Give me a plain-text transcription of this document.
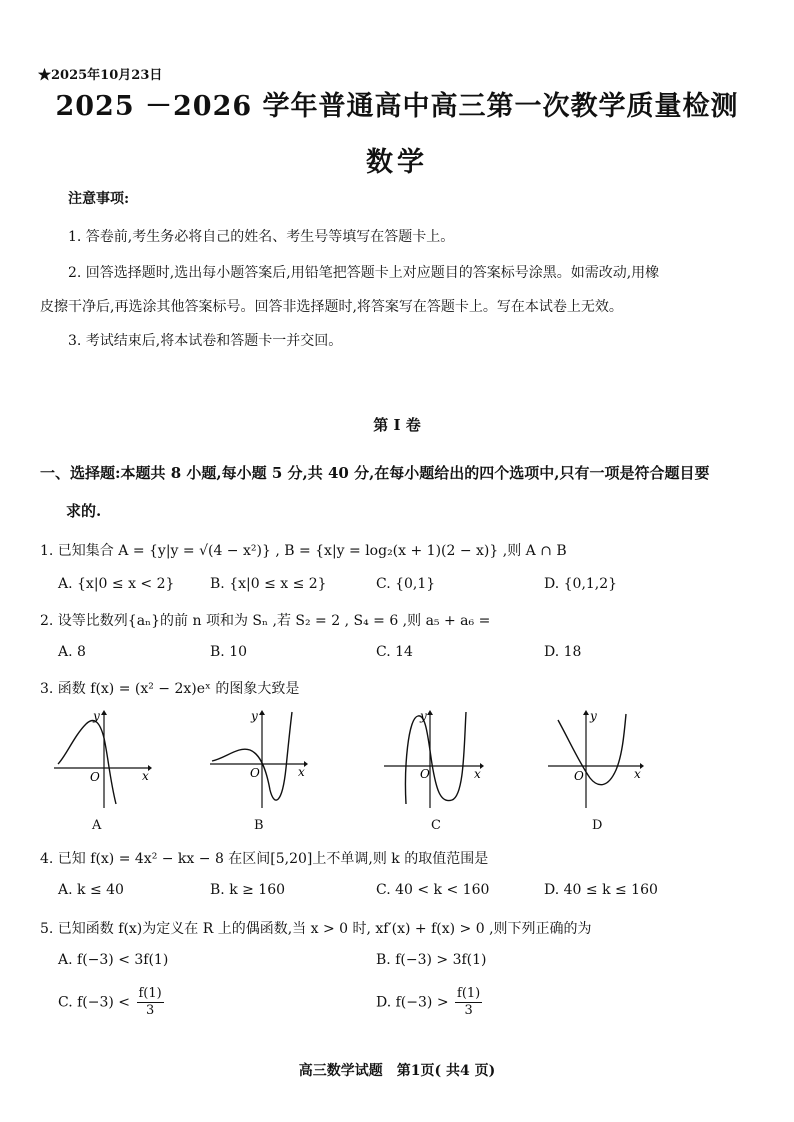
★2025年10月23日
2025 －2026 学年普通高中高三第一次教学质量检测
数学
注意事项:
1. 答卷前,考生务必将自己的姓名、考生号等填写在答题卡上。
2. 回答选择题时,选出每小题答案后,用铅笔把答题卡上对应题目的答案标号涂黑。如需改动,用橡
皮擦干净后,再选涂其他答案标号。回答非选择题时,将答案写在答题卡上。写在本试卷上无效。
3. 考试结束后,将本试卷和答题卡一并交回。
第 I 卷
一、选择题:本题共 8 小题,每小题 5 分,共 40 分,在每小题给出的四个选项中,只有一项是符合题目要
求的.
1. 已知集合 A = {y|y = √(4 − x²)} , B = {x|y = log₂(x + 1)(2 − x)} ,则 A ∩ B
A. {x|0 ≤ x < 2}	B. {x|0 ≤ x ≤ 2}	C. {0,1}	D. {0,1,2}
2. 设等比数列{aₙ}的前 n 项和为 Sₙ ,若 S₂ = 2 , S₄ = 6 ,则 a₅ + a₆ =
A. 8	B. 10	C. 14	D. 18
3. 函数 f(x) = (x² − 2x)eˣ 的图象大致是
y
x
O
y
x
O
y
x
O
y
x
O
A	B	C	D
4. 已知 f(x) = 4x² − kx − 8 在区间[5,20]上不单调,则 k 的取值范围是
A. k ≤ 40	B. k ≥ 160	C. 40 < k < 160	D. 40 ≤ k ≤ 160
5. 已知函数 f(x)为定义在 R 上的偶函数,当 x > 0 时, xf′(x) + f(x) > 0 ,则下列正确的为
A. f(−3) < 3f(1)	B. f(−3) > 3f(1)
C. $f(-3) < \frac{f(1)}{3}$	D. $f(-3) > \frac{f(1)}{3}$
高三数学试题　第1页( 共4 页)
